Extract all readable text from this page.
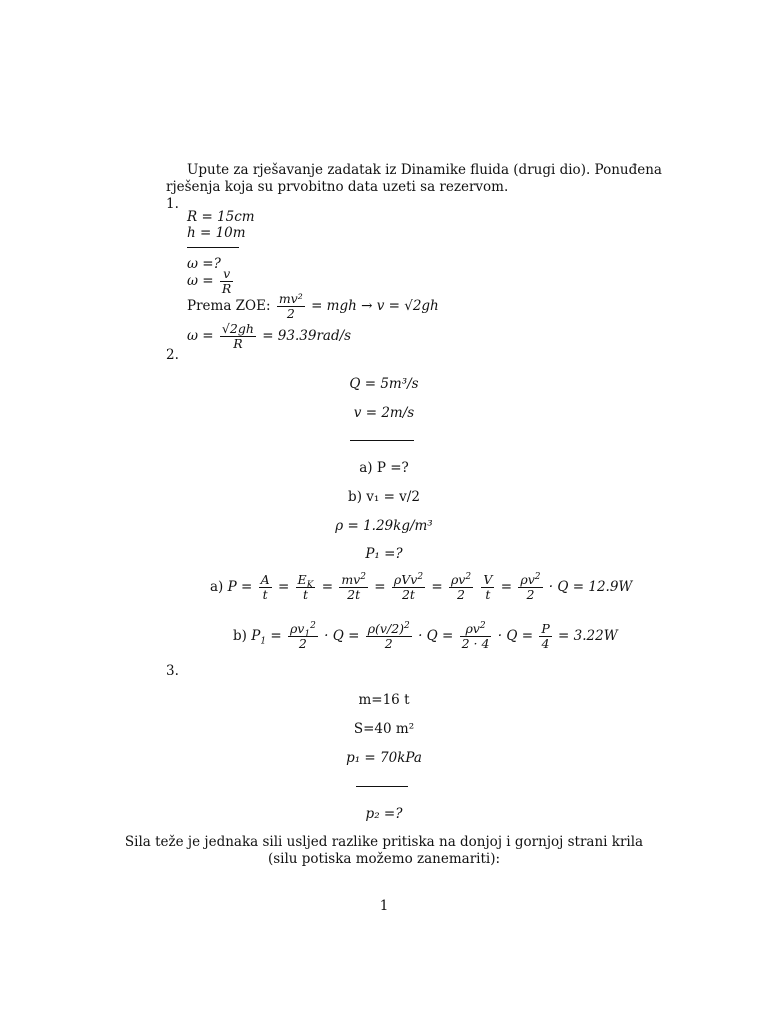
Upute za rješavanje zadatak iz Dinamike fluida (drugi dio). Ponuđena
rješenja koja su prvobitno data uzeti sa rezervom.
1.
R = 15cm
h = 10m
ω =?
$\omega = \frac{v}{R}$
Prema ZOE: $\frac{\text{mv²}}{2}$ = mgh → v = √2gh
$\omega = \frac{√2gh}{R} = 93.39rad/s$
2.
Q = 5m³/s
v = 2m/s
a) P =?
b) v₁ = v/2
ρ = 1.29kg/m³
P₁ =?
a) $P = \frac{A}{t} = \frac{E_K}{t} = \frac{mv^2}{2t} = \frac{\rho Vv^2}{2t} = \frac{\rho v^2}{2}$
$\frac{V}{t} = \frac{\rho v^2}{2} \cdot Q = 12.9W$
b) $P_1 = \frac{\rho v_1^2}{2} \cdot Q = \frac{\rho(v/2)^2}{2} \cdot Q = \frac{\rho v^2}{2 \cdot 4} \cdot Q = \frac{P}{4} = 3.22W$
3.
m=16 t
S=40 m²
p₁ = 70kPa
p₂ =?
Sila teže je jednaka sili usljed razlike pritiska na donjoj i gornjoj strani krila
(silu potiska možemo zanemariti):
1
